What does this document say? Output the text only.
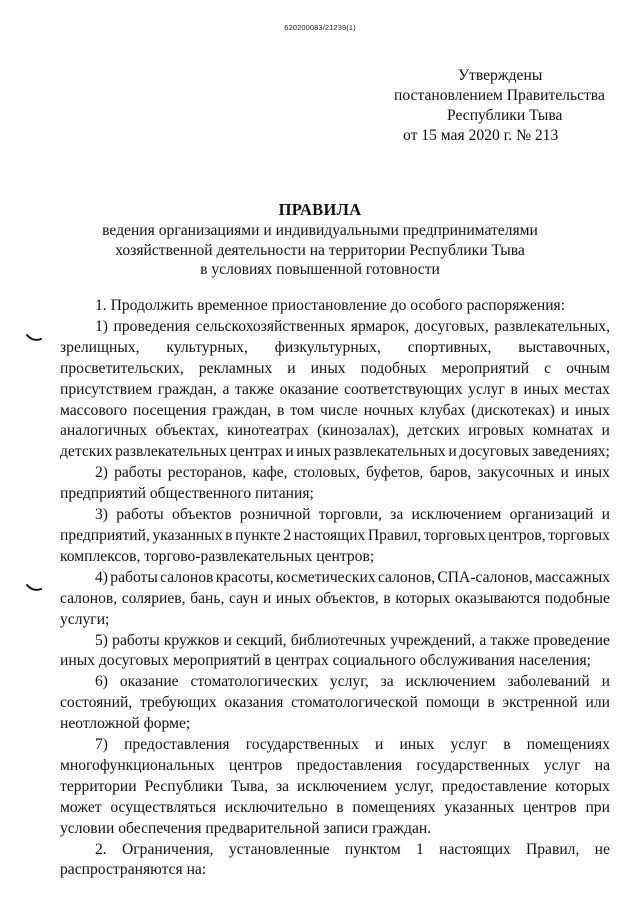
620200083/21239(1)
Утверждены
постановлением Правительства
Республики Тыва
от 15 мая 2020 г. № 213
ПРАВИЛА
ведения организациями и индивидуальными предпринимателями
хозяйственной деятельности на территории Республики Тыва
в условиях повышенной готовности
1. Продолжить временное приостановление до особого распоряжения:
1) проведения сельскохозяйственных ярмарок, досуговых, развлекательных,
зрелищных, культурных, физкультурных, спортивных, выставочных,
просветительских, рекламных и иных подобных мероприятий с очным
присутствием граждан, а также оказание соответствующих услуг в иных местах
массового посещения граждан, в том числе ночных клубах (дискотеках) и иных
аналогичных объектах, кинотеатрах (кинозалах), детских игровых комнатах и
детских развлекательных центрах и иных развлекательных и досуговых заведениях;
2) работы ресторанов, кафе, столовых, буфетов, баров, закусочных и иных
предприятий общественного питания;
3) работы объектов розничной торговли, за исключением организаций и
предприятий, указанных в пункте 2 настоящих Правил, торговых центров, торговых
комплексов, торгово-развлекательных центров;
4) работы салонов красоты, косметических салонов, СПА-салонов, массажных
салонов, соляриев, бань, саун и иных объектов, в которых оказываются подобные
услуги;
5) работы кружков и секций, библиотечных учреждений, а также проведение
иных досуговых мероприятий в центрах социального обслуживания населения;
6) оказание стоматологических услуг, за исключением заболеваний и
состояний, требующих оказания стоматологической помощи в экстренной или
неотложной форме;
7) предоставления государственных и иных услуг в помещениях
многофункциональных центров предоставления государственных услуг на
территории Республики Тыва, за исключением услуг, предоставление которых
может осуществляться исключительно в помещениях указанных центров при
условии обеспечения предварительной записи граждан.
2. Ограничения, установленные пунктом 1 настоящих Правил, не
распространяются на:
